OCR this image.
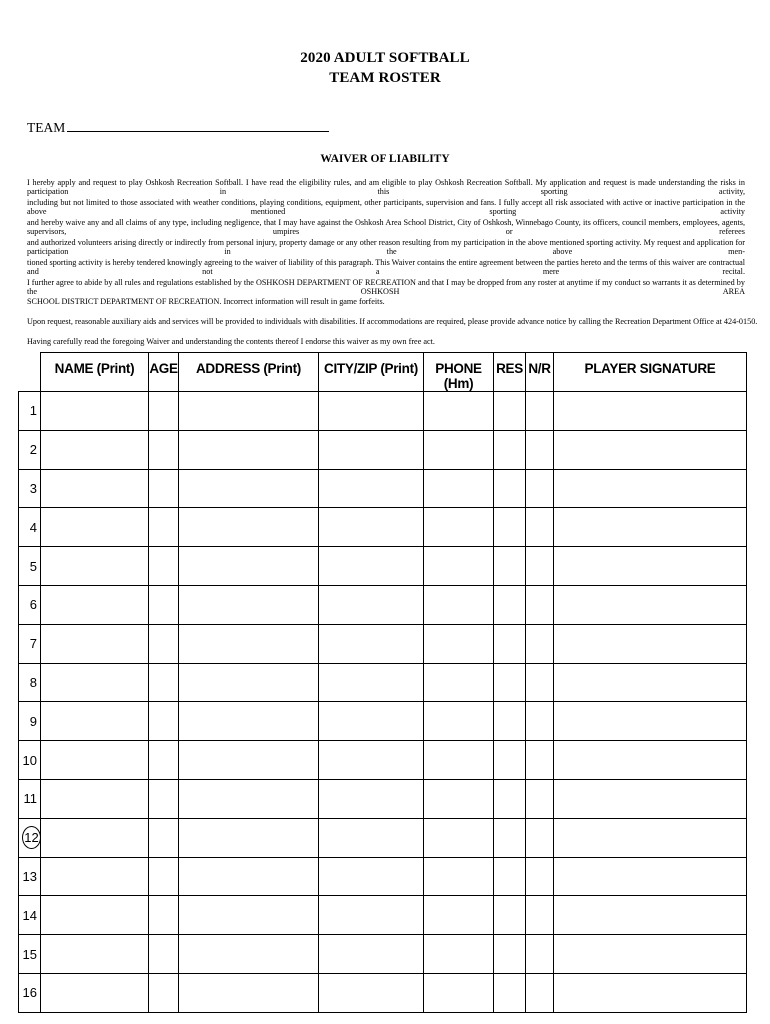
2020 ADULT SOFTBALL
TEAM ROSTER
TEAM
WAIVER OF LIABILITY
I hereby apply and request to play Oshkosh Recreation Softball. I have read the eligibility rules, and am eligible to play Oshkosh Recreation Softball. My application and request is made understanding the risks in participation in this sporting activity,
including but not limited to those associated with weather conditions, playing conditions, equipment, other participants, supervision and fans. I fully accept all risk associated with active or inactive participation in the above mentioned sporting activity
and hereby waive any and all claims of any type, including negligence, that I may have against the Oshkosh Area School District, City of Oshkosh, Winnebago County, its officers, council members, employees, agents, supervisors, umpires or referees
and authorized volunteers arising directly or indirectly from personal injury, property damage or any other reason resulting from my participation in the above mentioned sporting activity. My request and application for participation in the above men-
tioned sporting activity is hereby tendered knowingly agreeing to the waiver of liability of this paragraph. This Waiver contains the entire agreement between the parties hereto and the terms of this waiver are contractual and not a mere recital.
I further agree to abide by all rules and regulations established by the OSHKOSH DEPARTMENT OF RECREATION and that I may be dropped from any roster at anytime if my conduct so warrants it as determined by the OSHKOSH AREA
SCHOOL DISTRICT DEPARTMENT OF RECREATION. Incorrect information will result in game forfeits.
Upon request, reasonable auxiliary aids and services will be provided to individuals with disabilities. If accommodations are required, please provide advance notice by calling the Recreation Department Office at 424-0150.
Having carefully read the foregoing Waiver and understanding the contents thereof I endorse this waiver as my own free act.
	NAME (Print)	AGE	ADDRESS (Print)	CITY/ZIP (Print)	PHONE (Hm)	RES	N/R	PLAYER SIGNATURE
1								
2								
3								
4								
5								
6								
7								
8								
9								
10								
11								
12								
13								
14								
15								
16								
